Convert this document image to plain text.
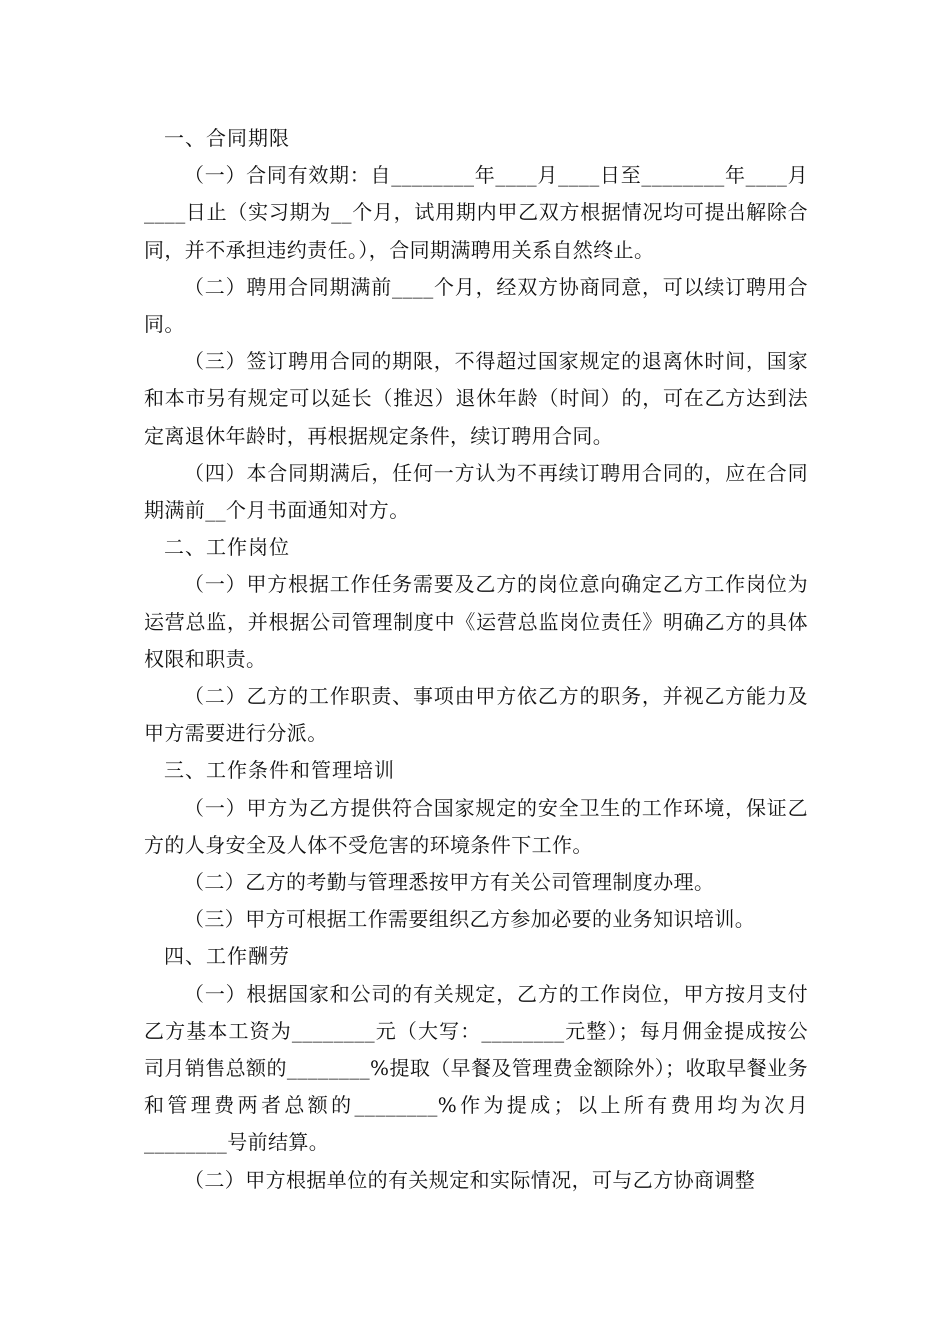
一、合同期限

（一）合同有效期：自________年____月____日至________年____月____日止（实习期为__个月，试用期内甲乙双方根据情况均可提出解除合同，并不承担违约责任。），合同期满聘用关系自然终止。

（二）聘用合同期满前____个月，经双方协商同意，可以续订聘用合同。

（三）签订聘用合同的期限，不得超过国家规定的退离休时间，国家和本市另有规定可以延长（推迟）退休年龄（时间）的，可在乙方达到法定离退休年龄时，再根据规定条件，续订聘用合同。

（四）本合同期满后，任何一方认为不再续订聘用合同的，应在合同期满前__个月书面通知对方。

二、工作岗位

（一）甲方根据工作任务需要及乙方的岗位意向确定乙方工作岗位为运营总监，并根据公司管理制度中《运营总监岗位责任》明确乙方的具体权限和职责。

（二）乙方的工作职责、事项由甲方依乙方的职务，并视乙方能力及甲方需要进行分派。

三、工作条件和管理培训

（一）甲方为乙方提供符合国家规定的安全卫生的工作环境，保证乙方的人身安全及人体不受危害的环境条件下工作。

（二）乙方的考勤与管理悉按甲方有关公司管理制度办理。

（三）甲方可根据工作需要组织乙方参加必要的业务知识培训。

四、工作酬劳

（一）根据国家和公司的有关规定，乙方的工作岗位，甲方按月支付乙方基本工资为________元（大写：________元整）；每月佣金提成按公司月销售总额的________%提取（早餐及管理费金额除外）；收取早餐业务和管理费两者总额的________%作为提成；以上所有费用均为次月________号前结算。

（二）甲方根据单位的有关规定和实际情况，可与乙方协商调整
